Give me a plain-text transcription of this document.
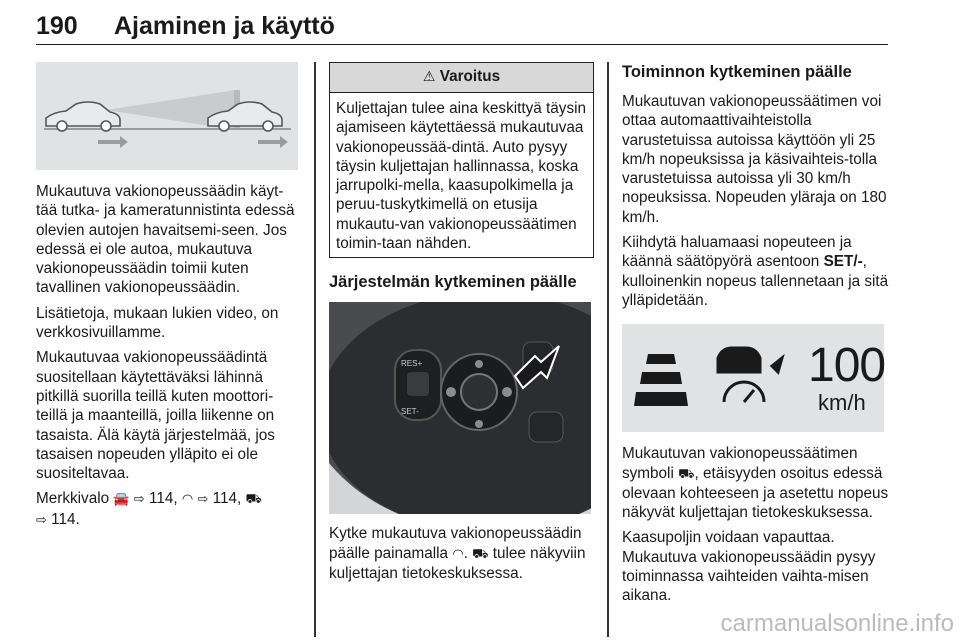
190 Ajaminen ja käyttö

Mukautuva vakionopeussäädin käyt-tää tutka- ja kameratunnistinta edessä olevien autojen havaitsemi-seen. Jos edessä ei ole autoa, mukautuva vakionopeussäädin toimii kuten tavallinen vakionopeussäädin.

Lisätietoja, mukaan lukien video, on verkkosivuillamme.

Mukautuvaa vakionopeussäädintä suositellaan käytettäväksi lähinnä pitkillä suorilla teillä kuten moottori-teillä ja maanteillä, joilla liikenne on tasaista. Älä käytä järjestelmää, jos tasaisen nopeuden ylläpito ei ole suositeltavaa.

Merkkivalo 🚘 ⇨ 114, ◠ ⇨ 114, ⛟
⇨ 114.

⚠ Varoitus

Kuljettajan tulee aina keskittyä täysin ajamiseen käytettäessä mukautuvaa vakionopeussää-dintä. Auto pysyy täysin kuljettajan hallinnassa, koska jarrupolki-mella, kaasupolkimella ja peruu-tuskytkimellä on etusija mukautu-van vakionopeussäätimen toimin-taan nähden.

Järjestelmän kytkeminen päälle
RES+
SET-

Kytke mukautuva vakionopeussäädin päälle painamalla ◠. ⛟ tulee näkyviin kuljettajan tietokeskuksessa.

Toiminnon kytkeminen päälle

Mukautuvan vakionopeussäätimen voi ottaa automaattivaihteistolla varustetuissa autoissa käyttöön yli 25 km/h nopeuksissa ja käsivaihteis-tolla varustetuissa autoissa yli 30 km/h nopeuksissa. Nopeuden yläraja on 180 km/h.

Kiihdytä haluamaasi nopeuteen ja käännä säätöpyörä asentoon SET/-, kulloinenkin nopeus tallennetaan ja sitä ylläpidetään.

100
km/h

Mukautuvan vakionopeussäätimen symboli ⛟, etäisyyden osoitus edessä olevaan kohteeseen ja asetettu nopeus näkyvät kuljettajan tietokeskuksessa.

Kaasupoljin voidaan vapauttaa. Mukautuva vakionopeussäädin pysyy toiminnassa vaihteiden vaihta-misen aikana.

carmanualsonline.info
